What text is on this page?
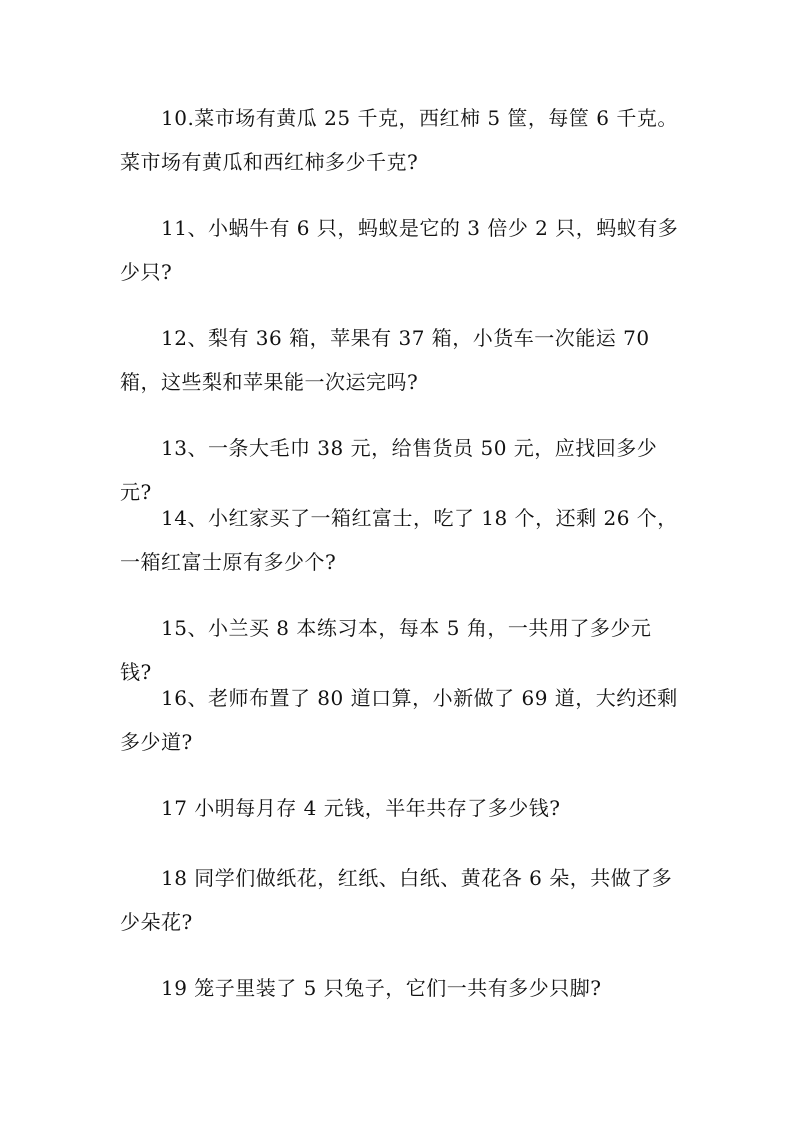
10.菜市场有黄瓜 25 千克，西红柿 5 筐，每筐 6 千克。菜市场有黄瓜和西红柿多少千克?

11、小蜗牛有 6 只，蚂蚁是它的 3 倍少 2 只，蚂蚁有多少只?

12、梨有 36 箱，苹果有 37 箱，小货车一次能运 70 箱，这些梨和苹果能一次运完吗?

13、一条大毛巾 38 元，给售货员 50 元，应找回多少元?

14、小红家买了一箱红富士，吃了 18 个，还剩 26 个，一箱红富士原有多少个?

15、小兰买 8 本练习本，每本 5 角，一共用了多少元钱?

16、老师布置了 80 道口算，小新做了 69 道，大约还剩多少道?

17 小明每月存 4 元钱，半年共存了多少钱?

18 同学们做纸花，红纸、白纸、黄花各 6 朵，共做了多少朵花?

19 笼子里装了 5 只兔子，它们一共有多少只脚?
